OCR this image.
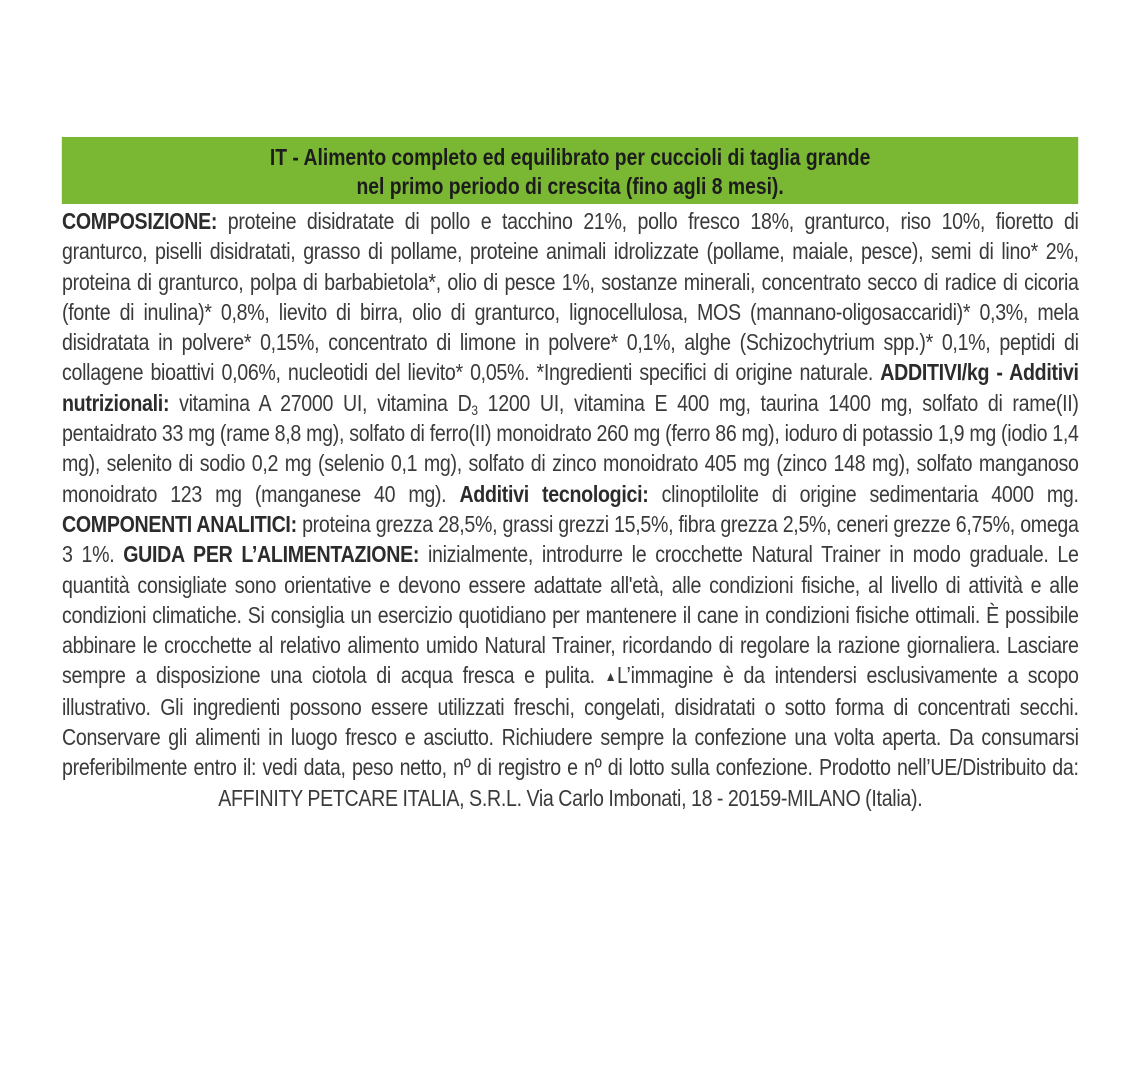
IT - Alimento completo ed equilibrato per cuccioli di taglia grande
nel primo periodo di crescita (fino agli 8 mesi).
COMPOSIZIONE: proteine disidratate di pollo e tacchino 21%, pollo fresco 18%, granturco, riso 10%, fioretto di granturco, piselli disidratati, grasso di pollame, proteine animali idrolizzate (pollame, maiale, pesce), semi di lino* 2%, proteina di granturco, polpa di barbabietola*, olio di pesce 1%, sostanze minerali, concentrato secco di radice di cicoria (fonte di inulina)* 0,8%, lievito di birra, olio di granturco, lignocellulosa, MOS (mannano-oligosaccaridi)* 0,3%, mela disidratata in polvere* 0,15%, concentrato di limone in polvere* 0,1%, alghe (Schizochytrium spp.)* 0,1%, peptidi di collagene bioattivi 0,06%, nucleotidi del lievito* 0,05%. *Ingredienti specifici di origine naturale. ADDITIVI/kg - Additivi nutrizionali: vitamina A 27000 UI, vitamina $D_3$ 1200 UI, vitamina E 400 mg, taurina 1400 mg, solfato di rame(II) pentaidrato 33 mg (rame 8,8 mg), solfato di ferro(II) monoidrato 260 mg (ferro 86 mg), ioduro di potassio 1,9 mg (iodio 1,4 mg), selenito di sodio 0,2 mg (selenio 0,1 mg), solfato di zinco monoidrato 405 mg (zinco 148 mg), solfato manganoso monoidrato 123 mg (manganese 40 mg). Additivi tecnologici: clinoptilolite di origine sedimentaria 4000 mg. COMPONENTI ANALITICI: proteina grezza 28,5%, grassi grezzi 15,5%, fibra grezza 2,5%, ceneri grezze 6,75%, omega 3 1%. GUIDA PER L’ALIMENTAZIONE: inizialmente, introdurre le crocchette Natural Trainer in modo graduale. Le quantità consigliate sono orientative e devono essere adattate all'età, alle condizioni fisiche, al livello di attività e alle condizioni climatiche. Si consiglia un esercizio quotidiano per mantenere il cane in condizioni fisiche ottimali. È possibile abbinare le crocchette al relativo alimento umido Natural Trainer, ricordando di regolare la razione giornaliera. Lasciare sempre a disposizione una ciotola di acqua fresca e pulita. ▲L’immagine è da intendersi esclusivamente a scopo illustrativo. Gli ingredienti possono essere utilizzati freschi, congelati, disidratati o sotto forma di concentrati secchi. Conservare gli alimenti in luogo fresco e asciutto. Richiudere sempre la confezione una volta aperta. Da consumarsi preferibilmente entro il: vedi data, peso netto, nº di registro e nº di lotto sulla confezione. Prodotto nell’UE/Distribuito da: AFFINITY PETCARE ITALIA, S.R.L. Via Carlo Imbonati, 18 - 20159-MILANO (Italia).
